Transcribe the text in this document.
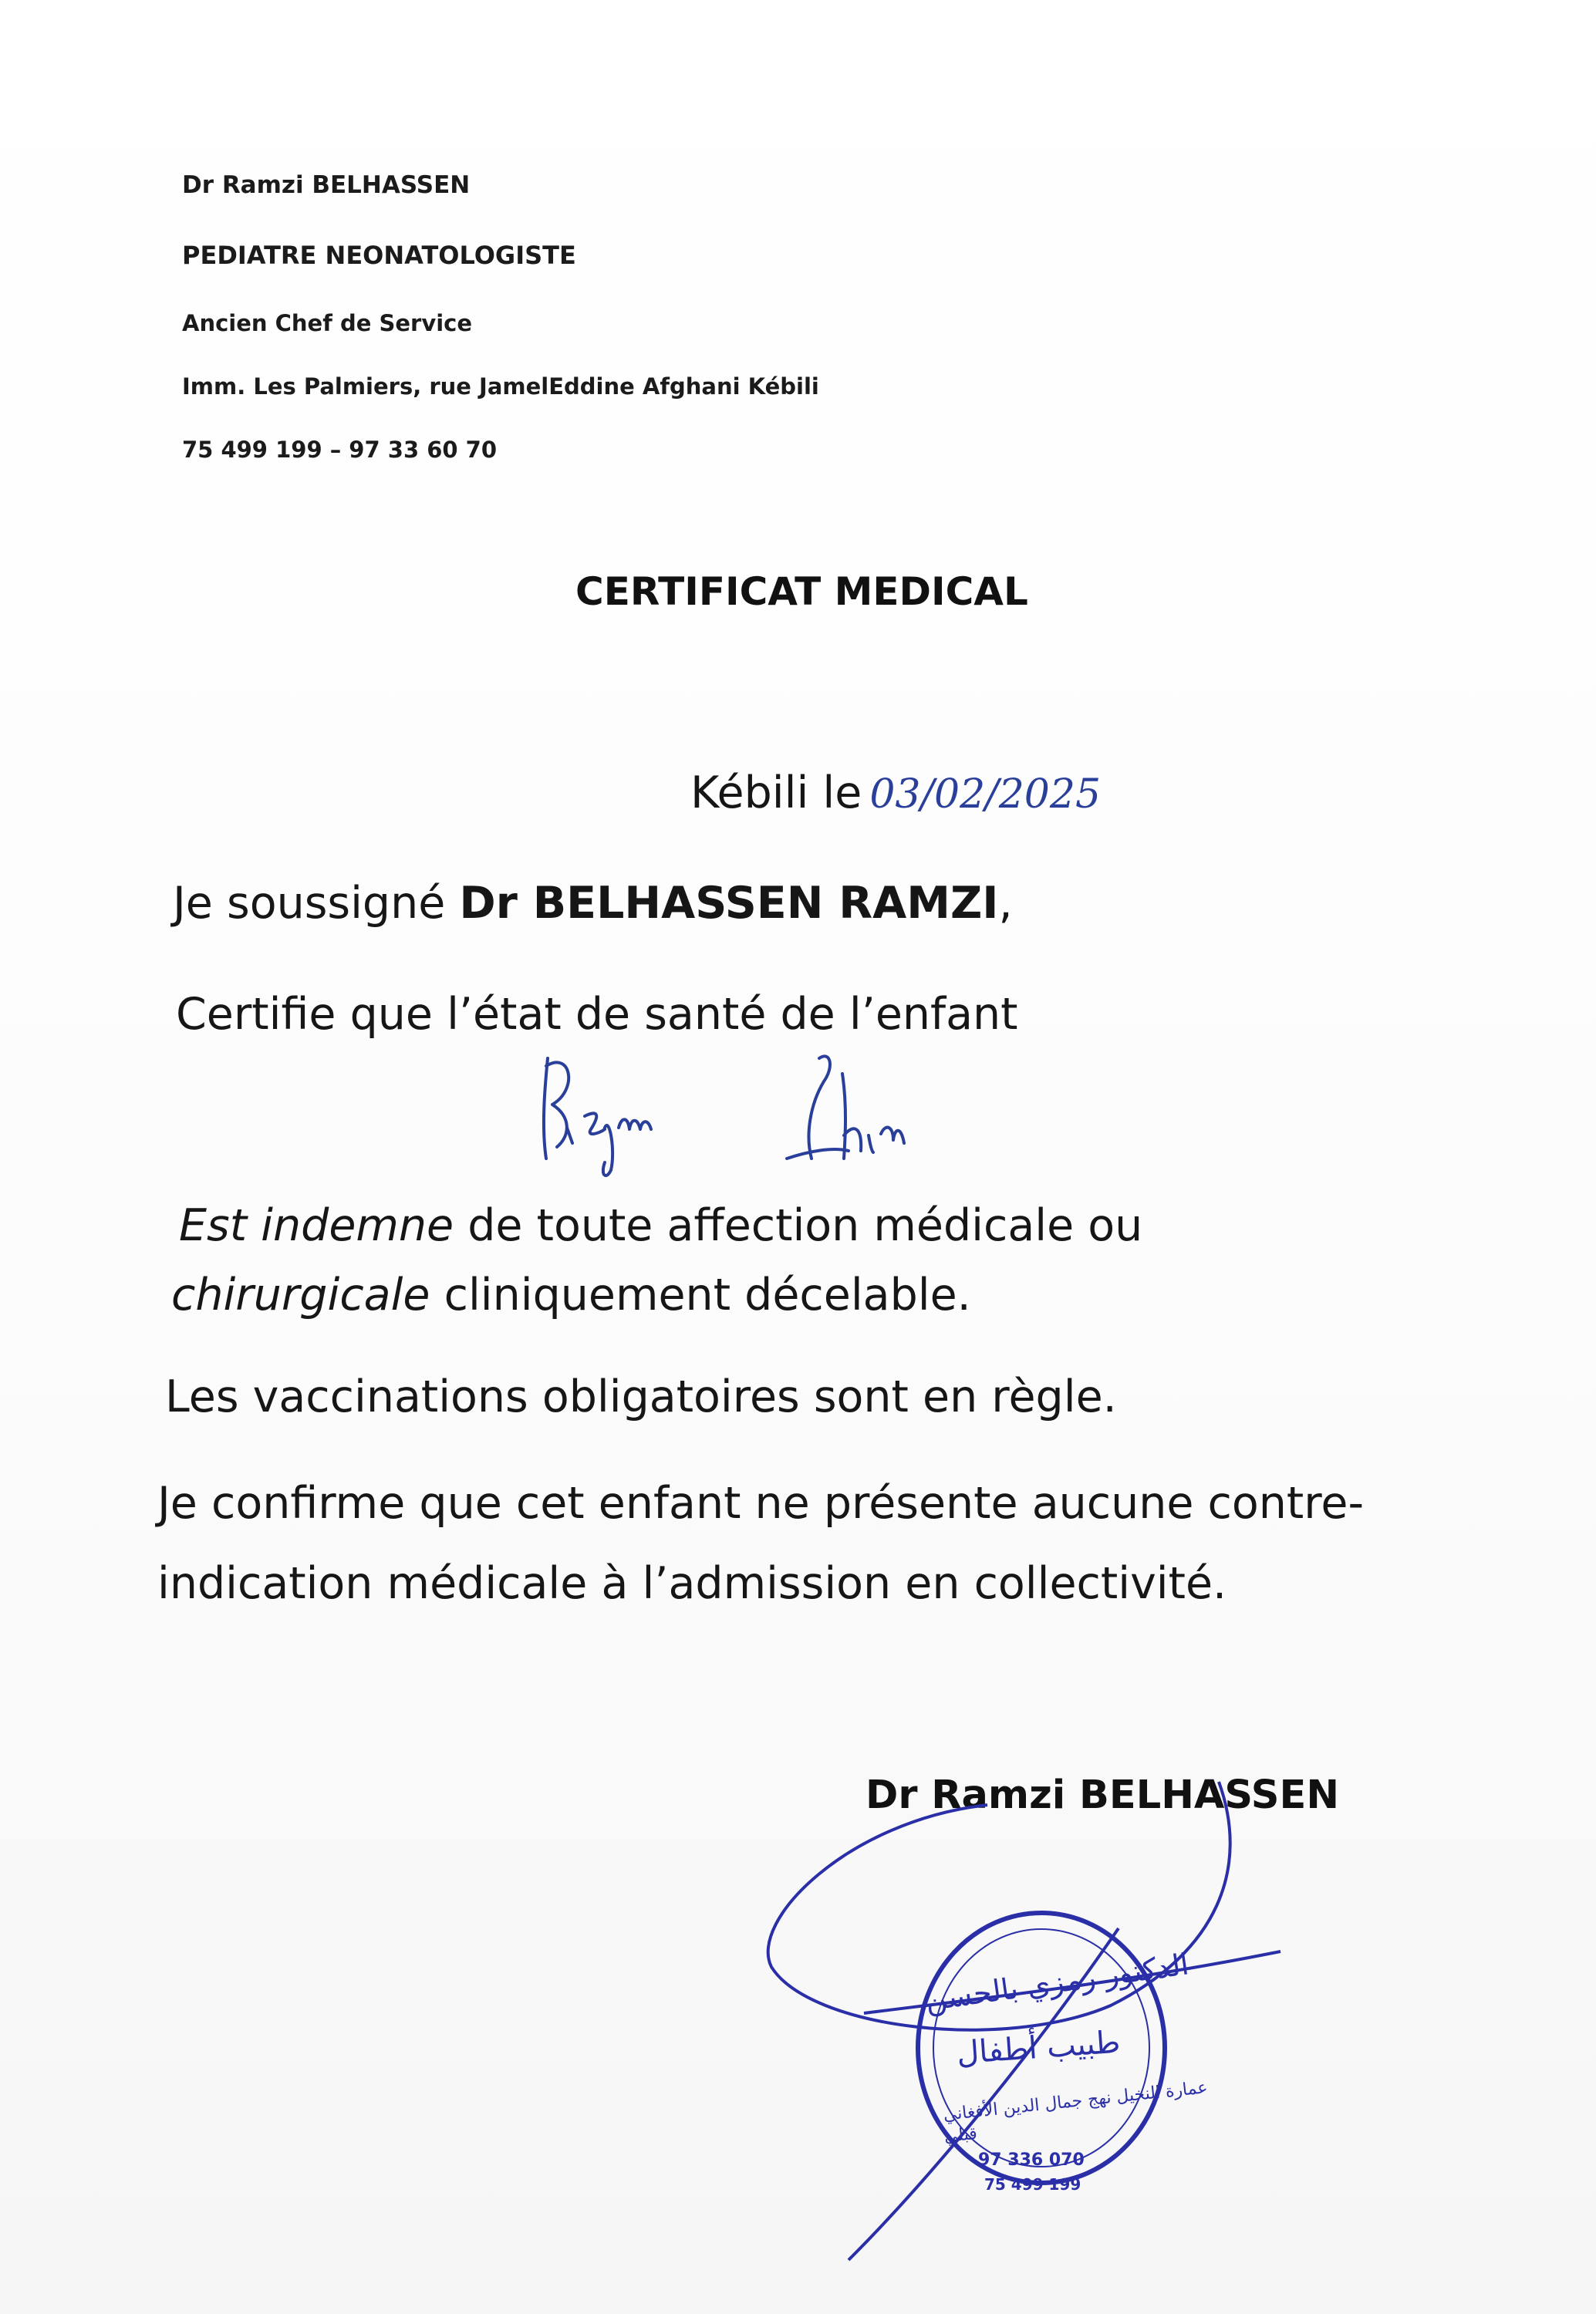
Dr Ramzi BELHASSEN
PEDIATRE NEONATOLOGISTE
Ancien Chef de Service
Imm. Les Palmiers, rue JamelEddine Afghani Kébili
75 499 199 – 97 33 60 70
CERTIFICAT MEDICAL
Kébili le 03/02/2025
Je soussigné Dr BELHASSEN RAMZI,
Certifie que l’état de santé de l’enfant
Est indemne de toute affection médicale ou
chirurgicale cliniquement décelable.
Les vaccinations obligatoires sont en règle.
Je confirme que cet enfant ne présente aucune contre-
indication médicale à l’admission en collectivité.
Dr Ramzi BELHASSEN
الدكتور رمزي بالحسن
طبيب أطفال
عمارة النخيل نهج جمال الدين الأفغاني
قبلي
97 336 070
75 499 199
